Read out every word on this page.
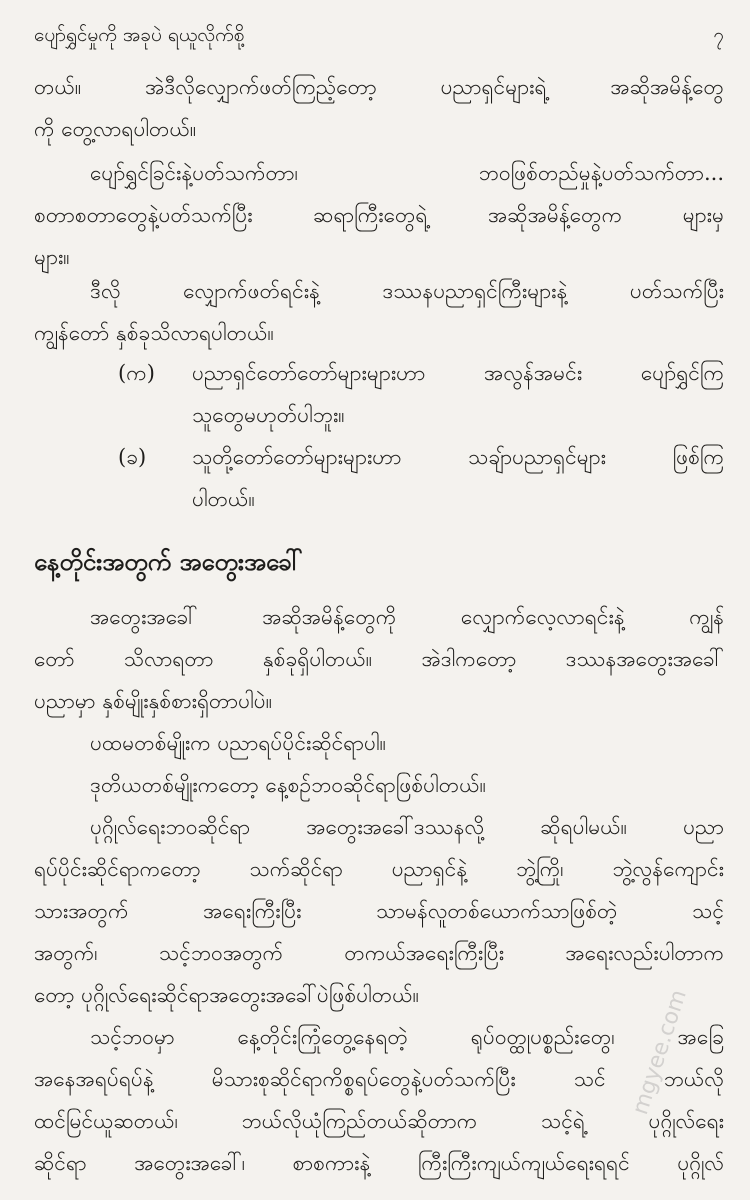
ပျော်ရွှင်မှုကို အခုပဲ ရယူလိုက်စို့	၇
တယ်။ အဲဒီလိုလျှောက်ဖတ်ကြည့်တော့ ပညာရှင်များရဲ့ အဆိုအမိန့်တွေ
ကို တွေ့လာရပါတယ်။
ပျော်ရွှင်ခြင်းနဲ့ပတ်သက်တာ၊ ဘဝဖြစ်တည်မှုနဲ့ပတ်သက်တာ...
စတာစတာတွေနဲ့ပတ်သက်ပြီး ဆရာကြီးတွေရဲ့ အဆိုအမိန့်တွေက များမှ
များ။
ဒီလို လျှောက်ဖတ်ရင်းနဲ့ ဒဿနပညာရှင်ကြီးများနဲ့ ပတ်သက်ပြီး
ကျွန်တော် နှစ်ခုသိလာရပါတယ်။
(က) ပညာရှင်တော်တော်များများဟာ အလွန်အမင်း ပျော်ရွှင်ကြ
သူတွေမဟုတ်ပါဘူး။
(ခ) သူတို့တော်တော်များများဟာ သချ်ာပညာရှင်များ ဖြစ်ကြ
ပါတယ်။
နေ့တိုင်းအတွက် အတွေးအခေါ်
အတွေးအခေါ် အဆိုအမိန့်တွေကို လျှောက်လေ့လာရင်းနဲ့ ကျွန်
တော် သိလာရတာ နှစ်ခုရှိပါတယ်။ အဲဒါကတော့ ဒဿနအတွေးအခေါ်
ပညာမှာ နှစ်မျိုးနှစ်စားရှိတာပါပဲ။
ပထမတစ်မျိုးက ပညာရပ်ပိုင်းဆိုင်ရာပါ။
ဒုတိယတစ်မျိုးကတော့ နေ့စဉ်ဘဝဆိုင်ရာဖြစ်ပါတယ်။
ပုဂ္ဂိုလ်ရေးဘဝဆိုင်ရာ အတွေးအခေါ်ဒဿနလို့ ဆိုရပါမယ်။ ပညာ
ရပ်ပိုင်းဆိုင်ရာကတော့ သက်ဆိုင်ရာ ပညာရှင်နဲ့ ဘွဲ့ကြို၊ ဘွဲ့လွန်ကျောင်း
သားအတွက် အရေးကြီးပြီး သာမန်လူတစ်ယောက်သာဖြစ်တဲ့ သင့်
အတွက်၊ သင့်ဘဝအတွက် တကယ်အရေးကြီးပြီး အရေးလည်းပါတာက
တော့ ပုဂ္ဂိုလ်ရေးဆိုင်ရာအတွေးအခေါ်ပဲဖြစ်ပါတယ်။
သင့်ဘဝမှာ နေ့တိုင်းကြုံတွေ့နေရတဲ့ ရုပ်ဝတ္ထုပစ္စည်းတွေ၊ အခြေ
အနေအရပ်ရပ်နဲ့ မိသားစုဆိုင်ရာကိစ္စရပ်တွေနဲ့ပတ်သက်ပြီး သင် ဘယ်လို
ထင်မြင်ယူဆတယ်၊ ဘယ်လိုယုံကြည်တယ်ဆိုတာက သင့်ရဲ့ ပုဂ္ဂိုလ်ရေး
ဆိုင်ရာ အတွေးအခေါ်၊ စာစကားနဲ့ ကြီးကြီးကျယ်ကျယ်ရေးရရင် ပုဂ္ဂိုလ်
mgyee.com
